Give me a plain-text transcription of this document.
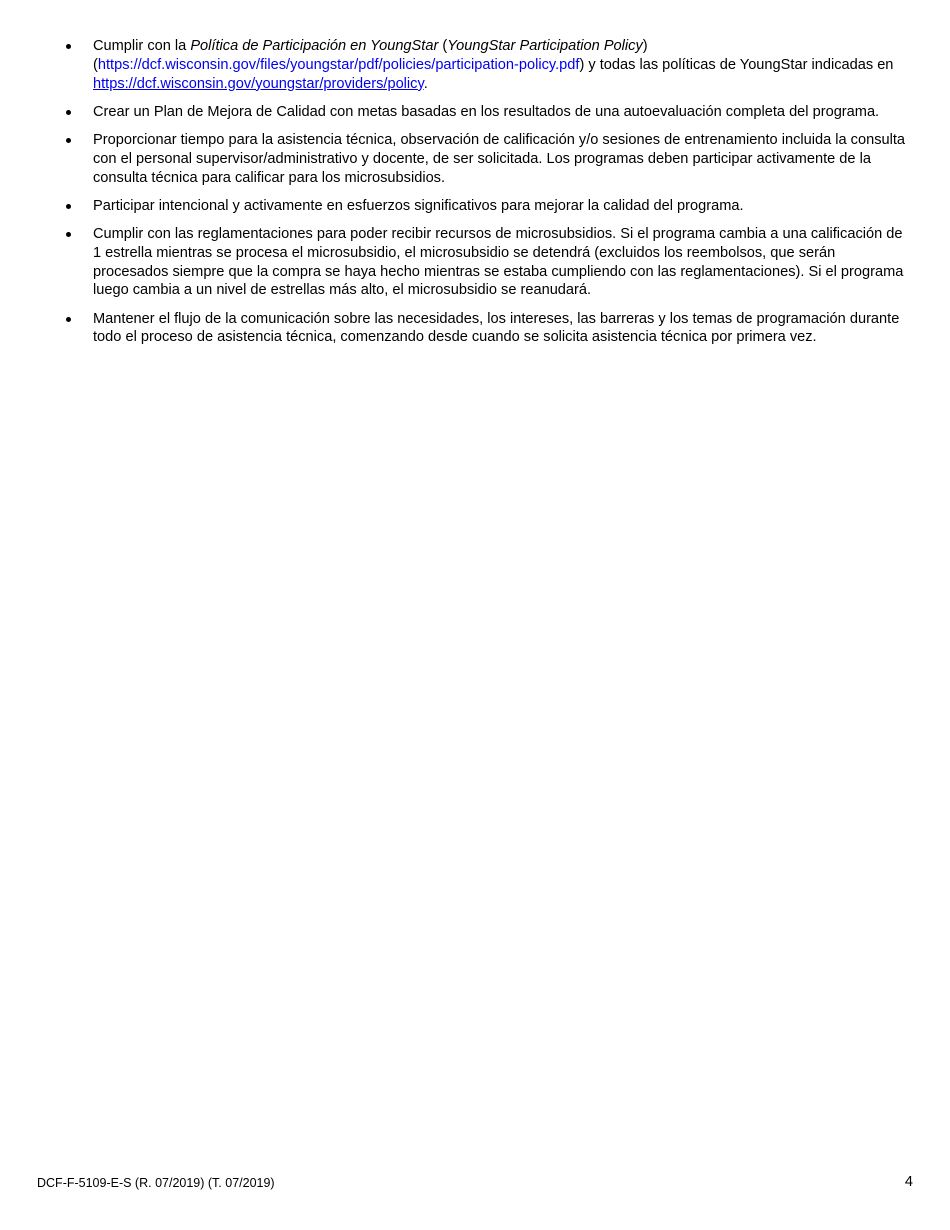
Cumplir con la Política de Participación en YoungStar (YoungStar Participation Policy) (https://dcf.wisconsin.gov/files/youngstar/pdf/policies/participation-policy.pdf) y todas las políticas de YoungStar indicadas en https://dcf.wisconsin.gov/youngstar/providers/policy.
Crear un Plan de Mejora de Calidad con metas basadas en los resultados de una autoevaluación completa del programa.
Proporcionar tiempo para la asistencia técnica, observación de calificación y/o sesiones de entrenamiento incluida la consulta con el personal supervisor/administrativo y docente, de ser solicitada. Los programas deben participar activamente de la consulta técnica para calificar para los microsubsidios.
Participar intencional y activamente en esfuerzos significativos para mejorar la calidad del programa.
Cumplir con las reglamentaciones para poder recibir recursos de microsubsidios. Si el programa cambia a una calificación de 1 estrella mientras se procesa el microsubsidio, el microsubsidio se detendrá (excluidos los reembolsos, que serán procesados siempre que la compra se haya hecho mientras se estaba cumpliendo con las reglamentaciones). Si el programa luego cambia a un nivel de estrellas más alto, el microsubsidio se reanudará.
Mantener el flujo de la comunicación sobre las necesidades, los intereses, las barreras y los temas de programación durante todo el proceso de asistencia técnica, comenzando desde cuando se solicita asistencia técnica por primera vez.
DCF-F-5109-E-S (R. 07/2019) (T. 07/2019)	4
